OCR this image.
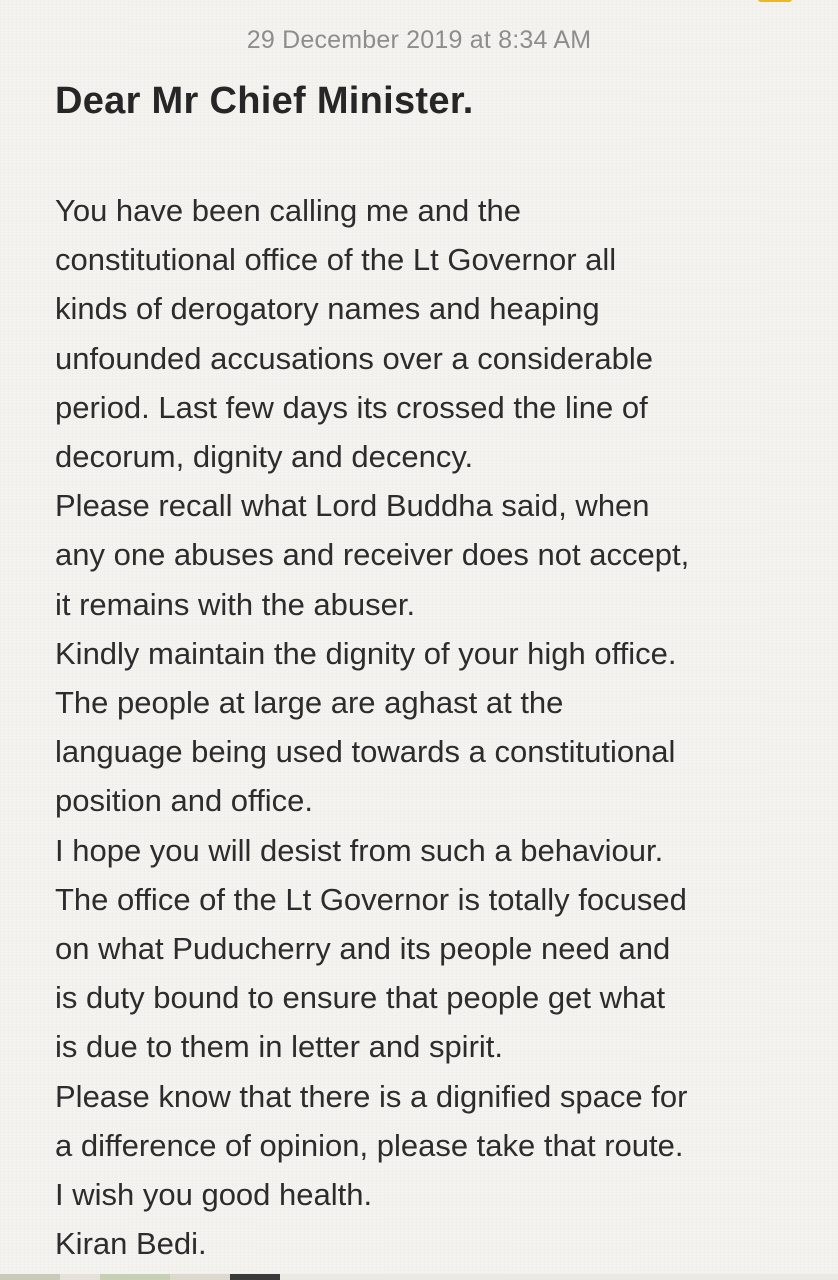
29 December 2019 at 8:34 AM
Dear Mr Chief Minister.
You have been calling me and the
constitutional office of the Lt Governor all
kinds of derogatory names and heaping
unfounded accusations over a considerable
period. Last few days its crossed the line of
decorum, dignity and decency.
Please recall what Lord Buddha said, when
any one abuses and receiver does not accept,
it remains with the abuser.
Kindly maintain the dignity of your high office.
The people at large are aghast at the
language being used towards a constitutional
position and office.
I hope you will desist from such a behaviour.
The office of the Lt Governor is totally focused
on what Puducherry and its people need and
is duty bound to ensure that people get what
is due to them in letter and spirit.
Please know that there is a dignified space for
a difference of opinion, please take that route.
I wish you good health.
Kiran Bedi.
